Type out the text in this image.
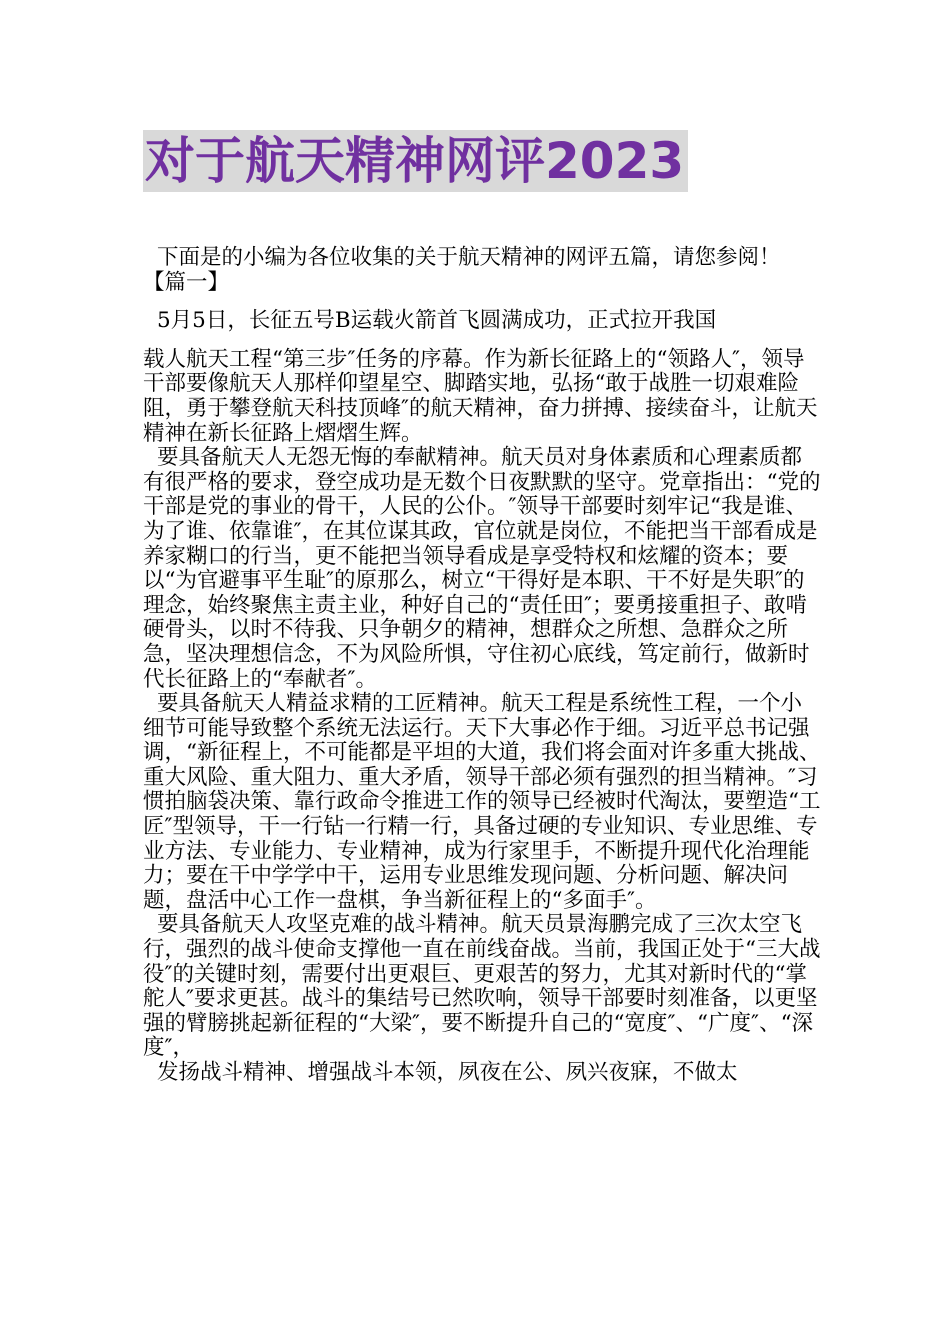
对于航天精神网评2023

下面是的小编为各位收集的关于航天精神的网评五篇，请您参阅！

【篇一】

5月5日，长征五号B运载火箭首飞圆满成功，正式拉开我国

载人航天工程“第三步″任务的序幕。作为新长征路上的“领路人″，领导干部要像航天人那样仰望星空、脚踏实地，弘扬“敢于战胜一切艰难险阻，勇于攀登航天科技顶峰″的航天精神，奋力拼搏、接续奋斗，让航天精神在新长征路上熠熠生辉。

要具备航天人无怨无悔的奉献精神。航天员对身体素质和心理素质都有很严格的要求，登空成功是无数个日夜默默的坚守。党章指出：“党的干部是党的事业的骨干，人民的公仆。″领导干部要时刻牢记“我是谁、为了谁、依靠谁″，在其位谋其政，官位就是岗位，不能把当干部看成是养家糊口的行当，更不能把当领导看成是享受特权和炫耀的资本；要以“为官避事平生耻″的原那么，树立“干得好是本职、干不好是失职″的理念，始终聚焦主责主业，种好自己的“责任田″；要勇接重担子、敢啃硬骨头，以时不待我、只争朝夕的精神，想群众之所想、急群众之所急，坚决理想信念，不为风险所惧，守住初心底线，笃定前行，做新时代长征路上的“奉献者″。

要具备航天人精益求精的工匠精神。航天工程是系统性工程，一个小细节可能导致整个系统无法运行。天下大事必作于细。习近平总书记强调，“新征程上，不可能都是平坦的大道，我们将会面对许多重大挑战、重大风险、重大阻力、重大矛盾，领导干部必须有强烈的担当精神。″习惯拍脑袋决策、靠行政命令推进工作的领导已经被时代淘汰，要塑造“工匠″型领导，干一行钻一行精一行，具备过硬的专业知识、专业思维、专业方法、专业能力、专业精神，成为行家里手，不断提升现代化治理能力；要在干中学学中干，运用专业思维发现问题、分析问题、解决问题，盘活中心工作一盘棋，争当新征程上的“多面手″。

要具备航天人攻坚克难的战斗精神。航天员景海鹏完成了三次太空飞行，强烈的战斗使命支撑他一直在前线奋战。当前，我国正处于“三大战役″的关键时刻，需要付出更艰巨、更艰苦的努力，尤其对新时代的“掌舵人″要求更甚。战斗的集结号已然吹响，领导干部要时刻准备，以更坚强的臂膀挑起新征程的“大梁″，要不断提升自己的“宽度″、“广度″、“深度″，

发扬战斗精神、增强战斗本领，夙夜在公、夙兴夜寐，不做太
